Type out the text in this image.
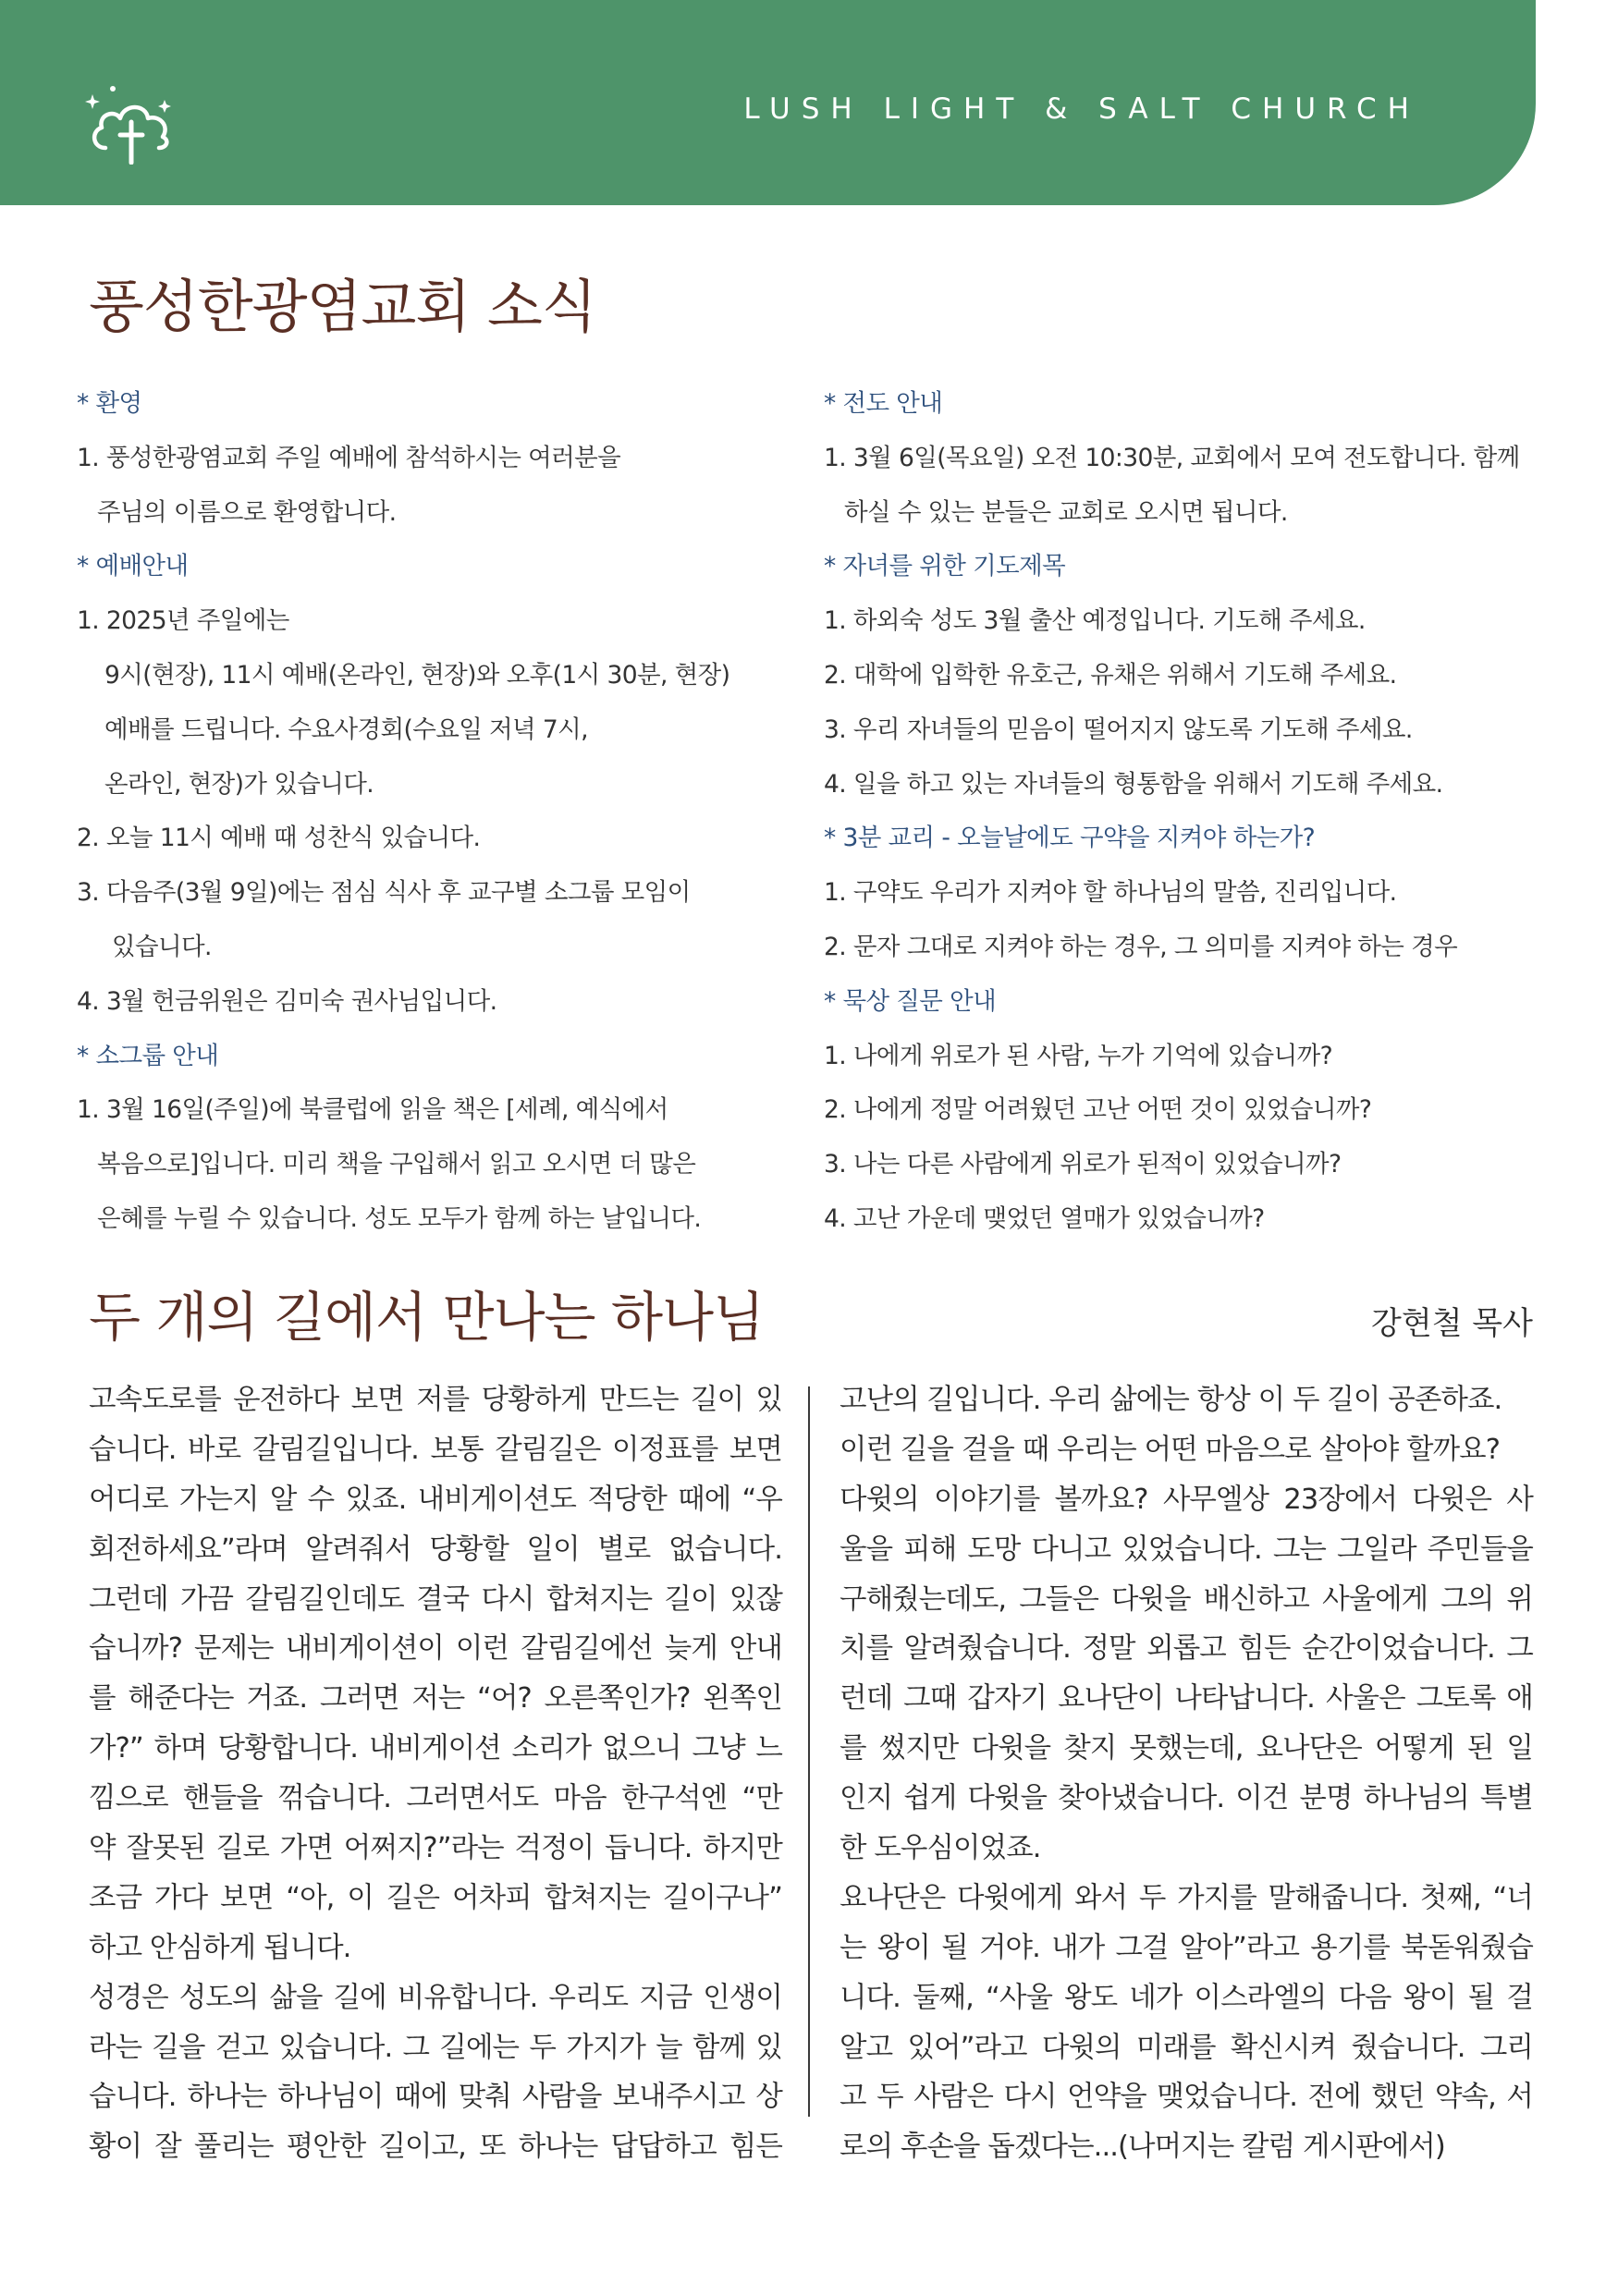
LUSH LIGHT & SALT CHURCH
풍성한광염교회 소식
* 환영
1. 풍성한광염교회 주일 예배에 참석하시는 여러분을
주님의 이름으로 환영합니다.
* 예배안내
1. 2025년 주일에는
9시(현장), 11시 예배(온라인, 현장)와 오후(1시 30분, 현장)
예배를 드립니다. 수요사경회(수요일 저녁 7시,
온라인, 현장)가 있습니다.
2. 오늘 11시 예배 때 성찬식 있습니다.
3. 다음주(3월 9일)에는 점심 식사 후 교구별 소그룹 모임이
있습니다.
4. 3월 헌금위원은 김미숙 권사님입니다.
* 소그룹 안내
1. 3월 16일(주일)에 북클럽에 읽을 책은 [세례, 예식에서
복음으로]입니다. 미리 책을 구입해서 읽고 오시면 더 많은
은혜를 누릴 수 있습니다. 성도 모두가 함께 하는 날입니다.
* 전도 안내
1. 3월 6일(목요일) 오전 10:30분, 교회에서 모여 전도합니다. 함께
하실 수 있는 분들은 교회로 오시면 됩니다.
* 자녀를 위한 기도제목
1. 하외숙 성도 3월 출산 예정입니다. 기도해 주세요.
2. 대학에 입학한 유호근, 유채은 위해서 기도해 주세요.
3. 우리 자녀들의 믿음이 떨어지지 않도록 기도해 주세요.
4. 일을 하고 있는 자녀들의 형통함을 위해서 기도해 주세요.
* 3분 교리 - 오늘날에도 구약을 지켜야 하는가?
1. 구약도 우리가 지켜야 할 하나님의 말씀, 진리입니다.
2. 문자 그대로 지켜야 하는 경우, 그 의미를 지켜야 하는 경우
* 묵상 질문 안내
1. 나에게 위로가 된 사람, 누가 기억에 있습니까?
2. 나에게 정말 어려웠던 고난 어떤 것이 있었습니까?
3. 나는 다른 사람에게 위로가 된적이 있었습니까?
4. 고난 가운데 맺었던 열매가 있었습니까?
두 개의 길에서 만나는 하나님	강현철 목사
고속도로를 운전하다 보면 저를 당황하게 만드는 길이 있
습니다. 바로 갈림길입니다. 보통 갈림길은 이정표를 보면
어디로 가는지 알 수 있죠. 내비게이션도 적당한 때에 “우
회전하세요”라며 알려줘서 당황할 일이 별로 없습니다.
그런데 가끔 갈림길인데도 결국 다시 합쳐지는 길이 있잖
습니까? 문제는 내비게이션이 이런 갈림길에선 늦게 안내
를 해준다는 거죠. 그러면 저는 “어? 오른쪽인가? 왼쪽인
가?” 하며 당황합니다. 내비게이션 소리가 없으니 그냥 느
낌으로 핸들을 꺾습니다. 그러면서도 마음 한구석엔 “만
약 잘못된 길로 가면 어쩌지?”라는 걱정이 듭니다. 하지만
조금 가다 보면 “아, 이 길은 어차피 합쳐지는 길이구나”
하고 안심하게 됩니다.
성경은 성도의 삶을 길에 비유합니다. 우리도 지금 인생이
라는 길을 걷고 있습니다. 그 길에는 두 가지가 늘 함께 있
습니다. 하나는 하나님이 때에 맞춰 사람을 보내주시고 상
황이 잘 풀리는 평안한 길이고, 또 하나는 답답하고 힘든
고난의 길입니다. 우리 삶에는 항상 이 두 길이 공존하죠.
이런 길을 걸을 때 우리는 어떤 마음으로 살아야 할까요?
다윗의 이야기를 볼까요? 사무엘상 23장에서 다윗은 사
울을 피해 도망 다니고 있었습니다. 그는 그일라 주민들을
구해줬는데도, 그들은 다윗을 배신하고 사울에게 그의 위
치를 알려줬습니다. 정말 외롭고 힘든 순간이었습니다. 그
런데 그때 갑자기 요나단이 나타납니다. 사울은 그토록 애
를 썼지만 다윗을 찾지 못했는데, 요나단은 어떻게 된 일
인지 쉽게 다윗을 찾아냈습니다. 이건 분명 하나님의 특별
한 도우심이었죠.
요나단은 다윗에게 와서 두 가지를 말해줍니다. 첫째, “너
는 왕이 될 거야. 내가 그걸 알아”라고 용기를 북돋워줬습
니다. 둘째, “사울 왕도 네가 이스라엘의 다음 왕이 될 걸
알고 있어”라고 다윗의 미래를 확신시켜 줬습니다. 그리
고 두 사람은 다시 언약을 맺었습니다. 전에 했던 약속, 서
로의 후손을 돕겠다는...(나머지는 칼럼 게시판에서)
